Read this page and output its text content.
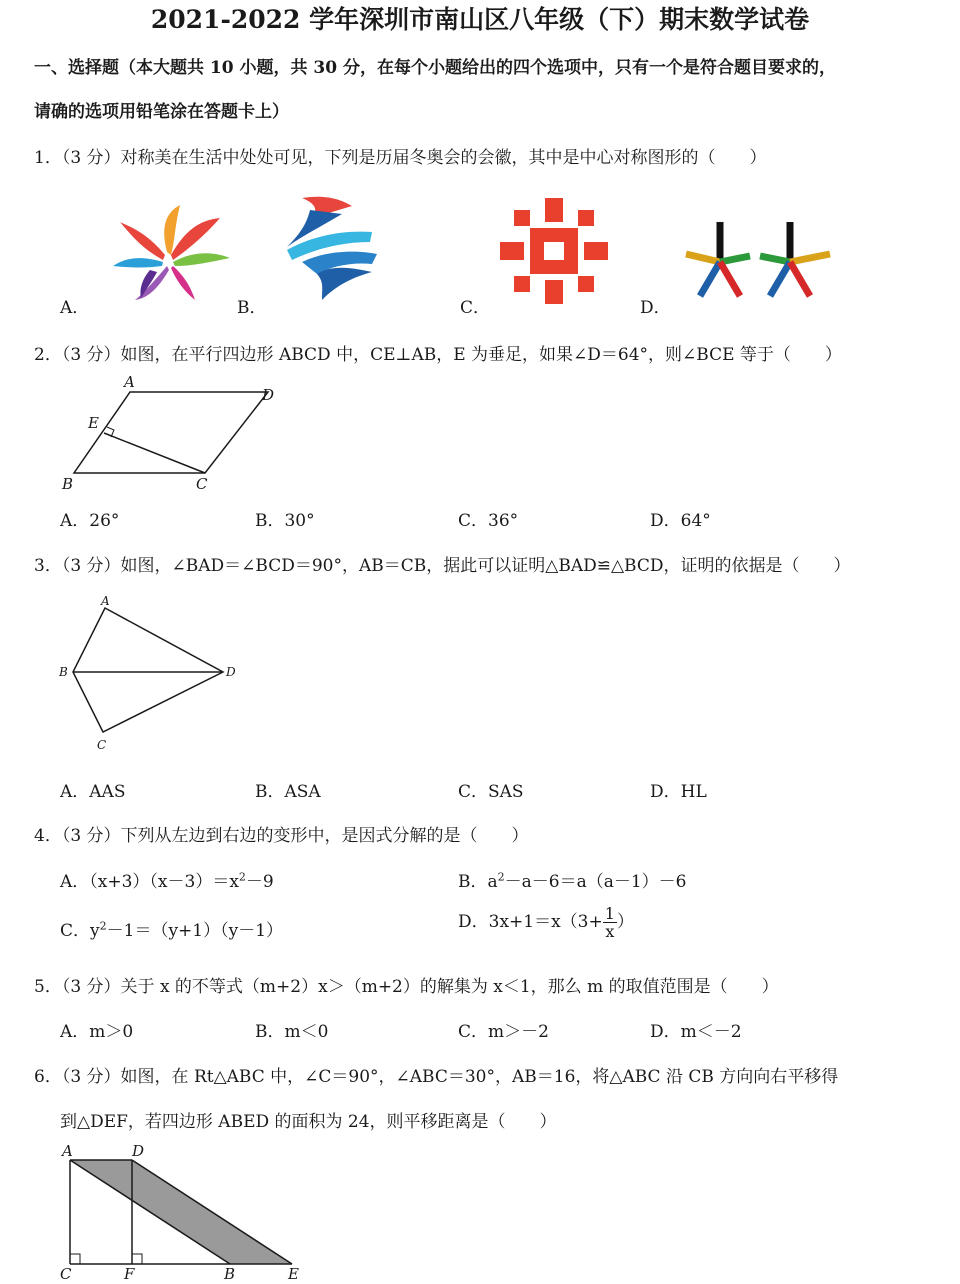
2021-2022 学年深圳市南山区八年级（下）期末数学试卷
一、选择题（本大题共 10 小题，共 30 分，在每个小题给出的四个选项中，只有一个是符合题目要求的，
请确的选项用铅笔涂在答题卡上）
1．（3 分）对称美在生活中处处可见，下列是历届冬奥会的会徽，其中是中心对称图形的（　　）
A．	B．	C．	D．
2．（3 分）如图，在平行四边形 ABCD 中，CE⊥AB，E 为垂足，如果∠D＝64°，则∠BCE 等于（　　）
A
D
E
B	C
A．26°	B．30°	C．36°	D．64°
3．（3 分）如图，∠BAD＝∠BCD＝90°，AB＝CB，据此可以证明△BAD≌△BCD，证明的依据是（　　）
A
B	D
C
A．AAS	B．ASA	C．SAS	D．HL
4．（3 分）下列从左边到右边的变形中，是因式分解的是（　　）
A．$(x+3)(x-3)=x^2-9$	B．$a^2-a-6=a(a-1)-6$
C．$y^2-1=(y+1)(y-1)$	D．$3x+1=x(3+ \frac{1}{x}$ ）
5．（3 分）关于 x 的不等式（m+2）x＞（m+2）的解集为 x＜1，那么 m 的取值范围是（　　）
A．m＞0	B．m＜0	C．m＞－2	D．m＜－2
6．（3 分）如图，在 Rt△ABC 中，∠C＝90°，∠ABC＝30°，AB＝16，将△ABC 沿 CB 方向向右平移得
到△DEF，若四边形 ABED 的面积为 24，则平移距离是（　　）
A	D
C	F	B	E
